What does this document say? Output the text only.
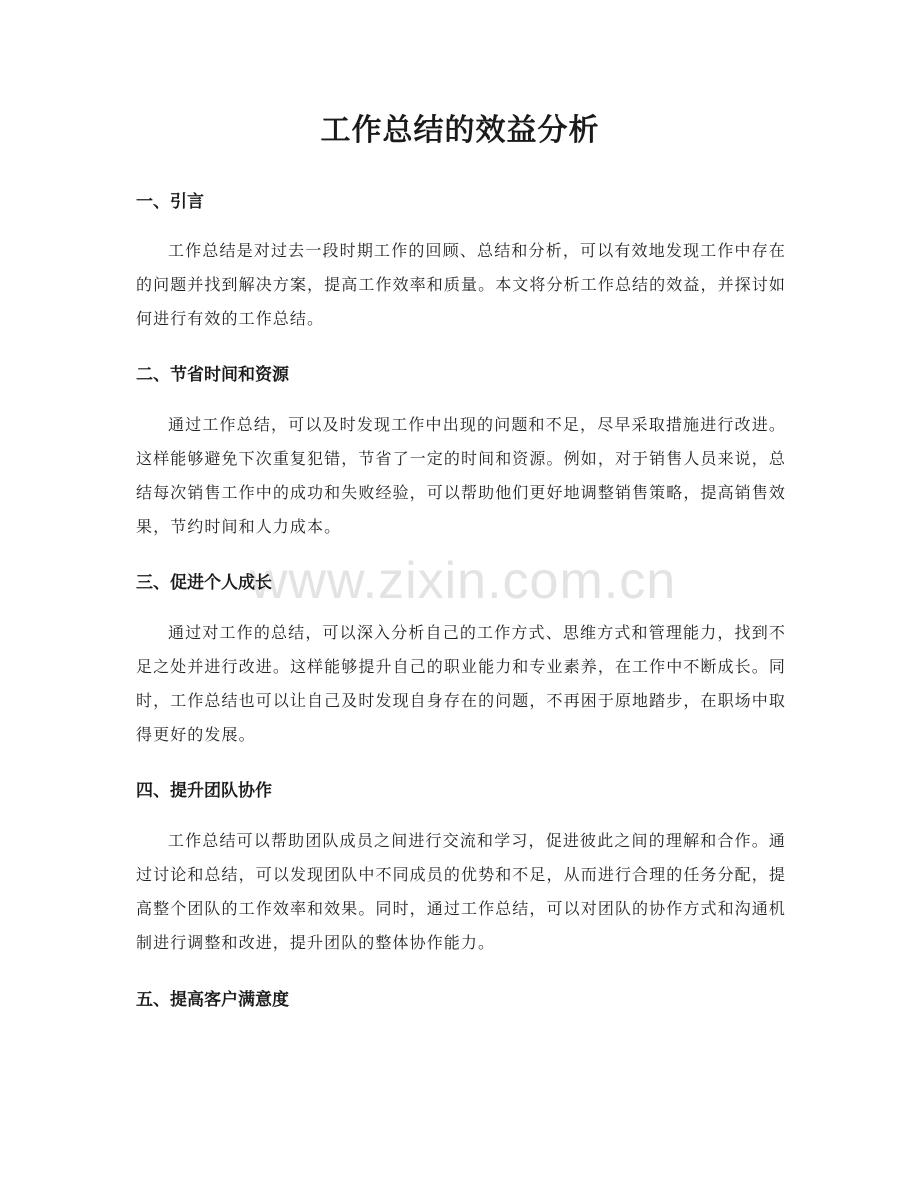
工作总结的效益分析
一、引言

工作总结是对过去一段时期工作的回顾、总结和分析，可以有效地发现工作中存在的问题并找到解决方案，提高工作效率和质量。本文将分析工作总结的效益，并探讨如何进行有效的工作总结。

二、节省时间和资源

通过工作总结，可以及时发现工作中出现的问题和不足，尽早采取措施进行改进。这样能够避免下次重复犯错，节省了一定的时间和资源。例如，对于销售人员来说，总结每次销售工作中的成功和失败经验，可以帮助他们更好地调整销售策略，提高销售效果，节约时间和人力成本。

www.zixin.com.cn
三、促进个人成长

通过对工作的总结，可以深入分析自己的工作方式、思维方式和管理能力，找到不足之处并进行改进。这样能够提升自己的职业能力和专业素养，在工作中不断成长。同时，工作总结也可以让自己及时发现自身存在的问题，不再困于原地踏步，在职场中取得更好的发展。

四、提升团队协作

工作总结可以帮助团队成员之间进行交流和学习，促进彼此之间的理解和合作。通过讨论和总结，可以发现团队中不同成员的优势和不足，从而进行合理的任务分配，提高整个团队的工作效率和效果。同时，通过工作总结，可以对团队的协作方式和沟通机制进行调整和改进，提升团队的整体协作能力。

五、提高客户满意度
